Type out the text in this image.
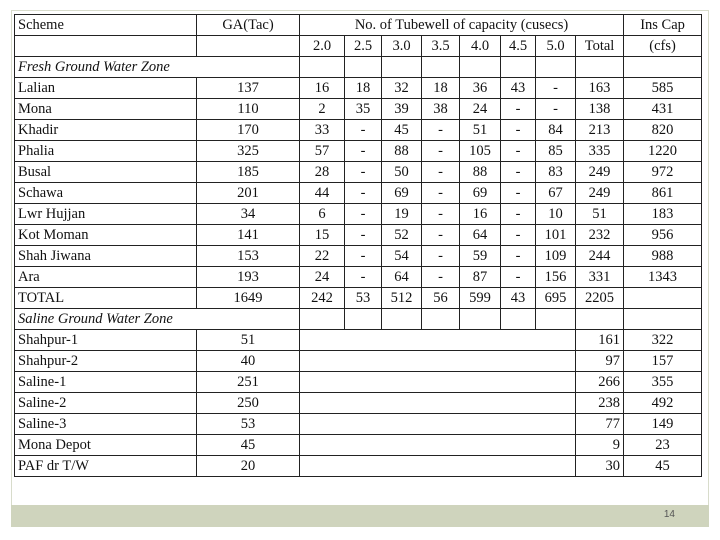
Scheme	GA(Tac)	No. of Tubewell of capacity (cusecs)								Ins Cap
		2.0	2.5	3.0	3.5	4.0	4.5	5.0	Total	(cfs)
Fresh Ground Water Zone										
Lalian	137	16	18	32	18	36	43	-	163	585
Mona	110	2	35	39	38	24	-	-	138	431
Khadir	170	33	-	45	-	51	-	84	213	820
Phalia	325	57	-	88	-	105	-	85	335	1220
Busal	185	28	-	50	-	88	-	83	249	972
Schawa	201	44	-	69	-	69	-	67	249	861
Lwr Hujjan	34	6	-	19	-	16	-	10	51	183
Kot Moman	141	15	-	52	-	64	-	101	232	956
Shah Jiwana	153	22	-	54	-	59	-	109	244	988
Ara	193	24	-	64	-	87	-	156	331	1343
TOTAL	1649	242	53	512	56	599	43	695	2205	
Saline Ground Water Zone										
Shahpur-1	51								161	322
Shahpur-2	40								97	157
Saline-1	251								266	355
Saline-2	250								238	492
Saline-3	53								77	149
Mona Depot	45								9	23
PAF dr T/W	20								30	45
14
